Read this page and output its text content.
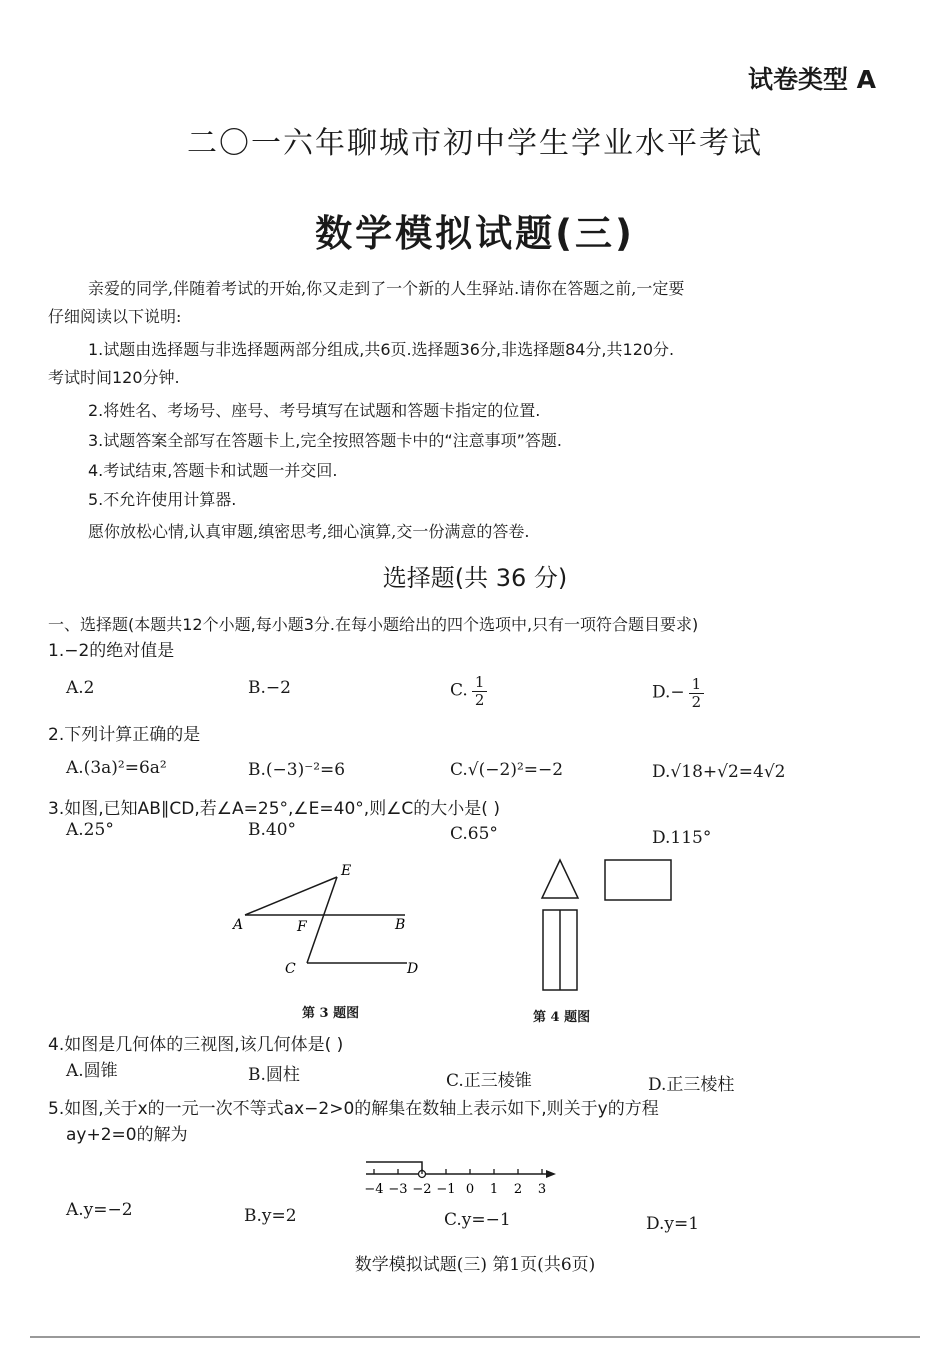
试卷类型 A
二〇一六年聊城市初中学生学业水平考试
数学模拟试题(三)
亲爱的同学,伴随着考试的开始,你又走到了一个新的人生驿站.请你在答题之前,一定要
仔细阅读以下说明:
1.试题由选择题与非选择题两部分组成,共6页.选择题36分,非选择题84分,共120分.
考试时间120分钟.
2.将姓名、考场号、座号、考号填写在试题和答题卡指定的位置.
3.试题答案全部写在答题卡上,完全按照答题卡中的“注意事项”答题.
4.考试结束,答题卡和试题一并交回.
5.不允许使用计算器.
愿你放松心情,认真审题,缜密思考,细心演算,交一份满意的答卷.
选择题(共 36 分)
一、选择题(本题共12个小题,每小题3分.在每小题给出的四个选项中,只有一项符合题目要求)
1.−2的绝对值是
A.2	B.−2	C. $\frac{1}{2}$	$D.- \frac{1}{2}$
2.下列计算正确的是
A.(3a)²=6a²	B.(−3)⁻²=6	C.√(−2)²=−2	D.√18+√2=4√2
3.如图,已知AB∥CD,若∠A=25°,∠E=40°,则∠C的大小是( )
A.25°	B.40°	C.65°	D.115°
A	B
C	D
E
F
第 3 题图	第 4 题图
4.如图是几何体的三视图,该几何体是( )
A.圆锥	B.圆柱	C.正三棱锥	D.正三棱柱
5.如图,关于x的一元一次不等式ax−2>0的解集在数轴上表示如下,则关于y的方程
ay+2=0的解为
−4 −3 −2 −1 0 1 2 3
A.y=−2	B.y=2	C.y=−1	D.y=1
数学模拟试题(三) 第1页(共6页)
